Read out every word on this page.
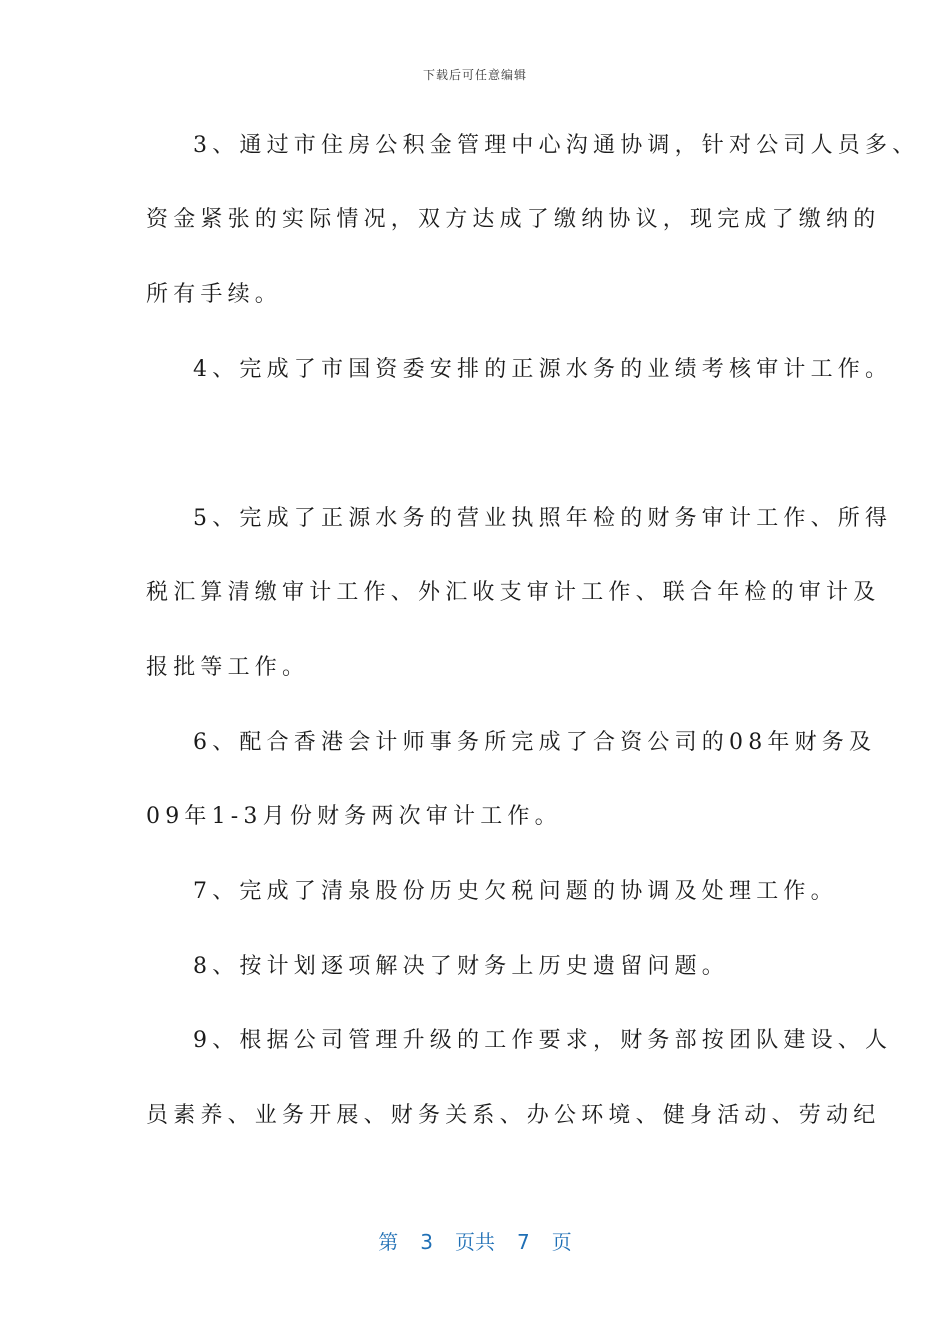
下载后可任意编辑
3、通过市住房公积金管理中心沟通协调，针对公司人员多、
资金紧张的实际情况，双方达成了缴纳协议，现完成了缴纳的
所有手续。
4、完成了市国资委安排的正源水务的业绩考核审计工作。
5、完成了正源水务的营业执照年检的财务审计工作、所得
税汇算清缴审计工作、外汇收支审计工作、联合年检的审计及
报批等工作。
6、配合香港会计师事务所完成了合资公司的08年财务及
09年1-3月份财务两次审计工作。
7、完成了清泉股份历史欠税问题的协调及处理工作。
8、按计划逐项解决了财务上历史遗留问题。
9、根据公司管理升级的工作要求，财务部按团队建设、人
员素养、业务开展、财务关系、办公环境、健身活动、劳动纪
第 3 页共 7 页
